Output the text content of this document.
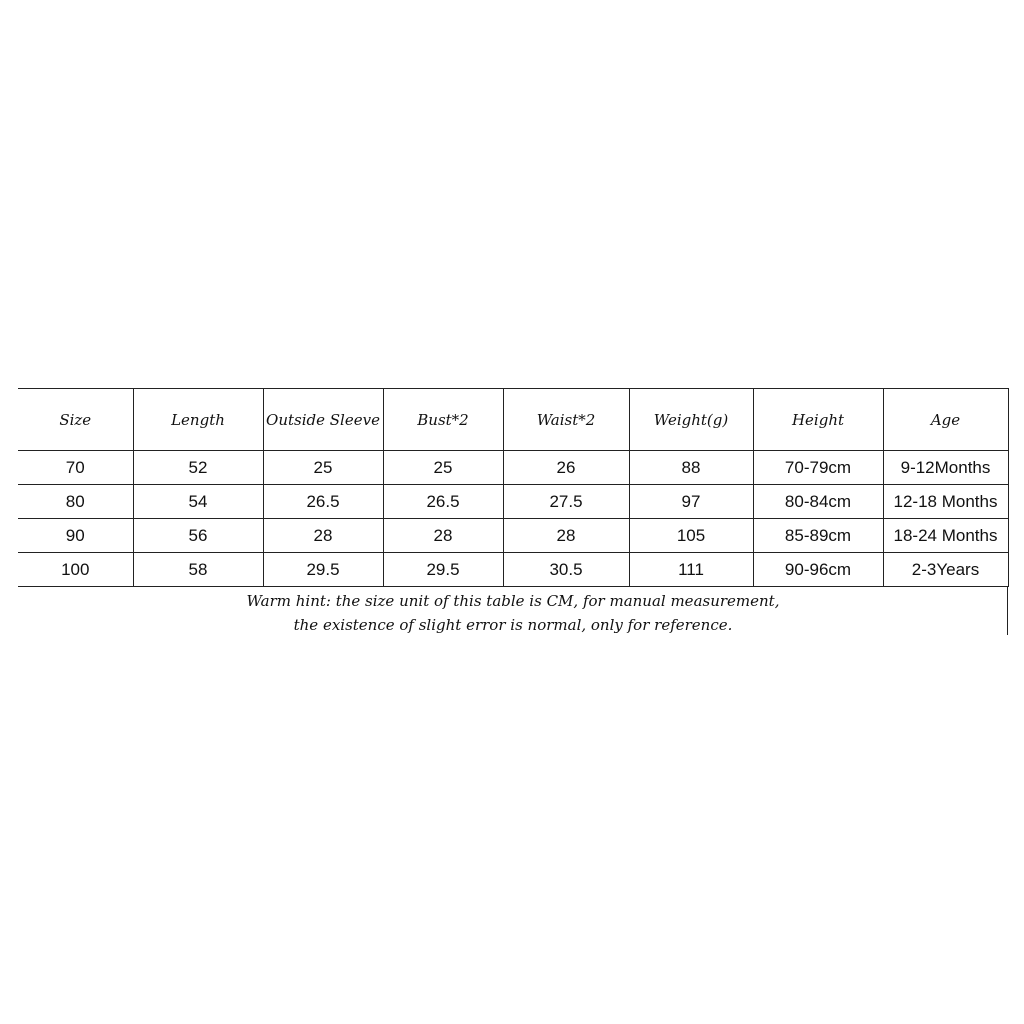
Size	Length	Outside Sleeve	Bust*2	Waist*2	Weight(g)	Height	Age
70	52	25	25	26	88	70-79cm	9-12Months
80	54	26.5	26.5	27.5	97	80-84cm	12-18 Months
90	56	28	28	28	105	85-89cm	18-24 Months
100	58	29.5	29.5	30.5	111	90-96cm	2-3Years
Warm hint: the size unit of this table is CM, for manual measurement,
the existence of slight error is normal, only for reference.
